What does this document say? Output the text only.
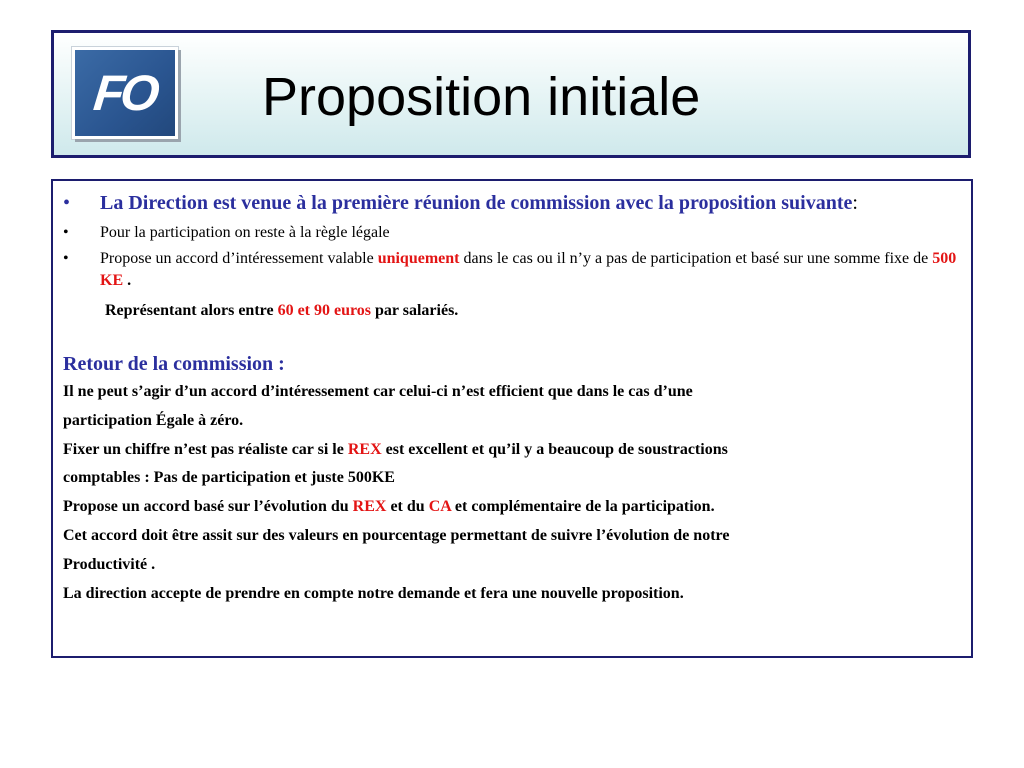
FO Proposition initiale
• La Direction est venue à la première réunion de commission avec la proposition suivante:
• Pour la participation on reste à la règle légale
• Propose un accord d’intéressement valable uniquement dans le cas ou il n’y a pas de participation et basé sur une somme fixe de 500 KE .
Représentant alors entre 60 et 90 euros par salariés.
Retour de la commission :
Il ne peut s’agir d’un accord d’intéressement car celui-ci n’est efficient que dans le cas d’une
participation Égale à zéro.
Fixer un chiffre n’est pas réaliste car si le REX est excellent et qu’il y a beaucoup de soustractions
comptables : Pas de participation et juste 500KE
Propose un accord basé sur l’évolution du REX et du CA et complémentaire de la participation.
Cet accord doit être assit sur des valeurs en pourcentage permettant de suivre l’évolution de notre
Productivité .
La direction accepte de prendre en compte notre demande et fera une nouvelle proposition.
